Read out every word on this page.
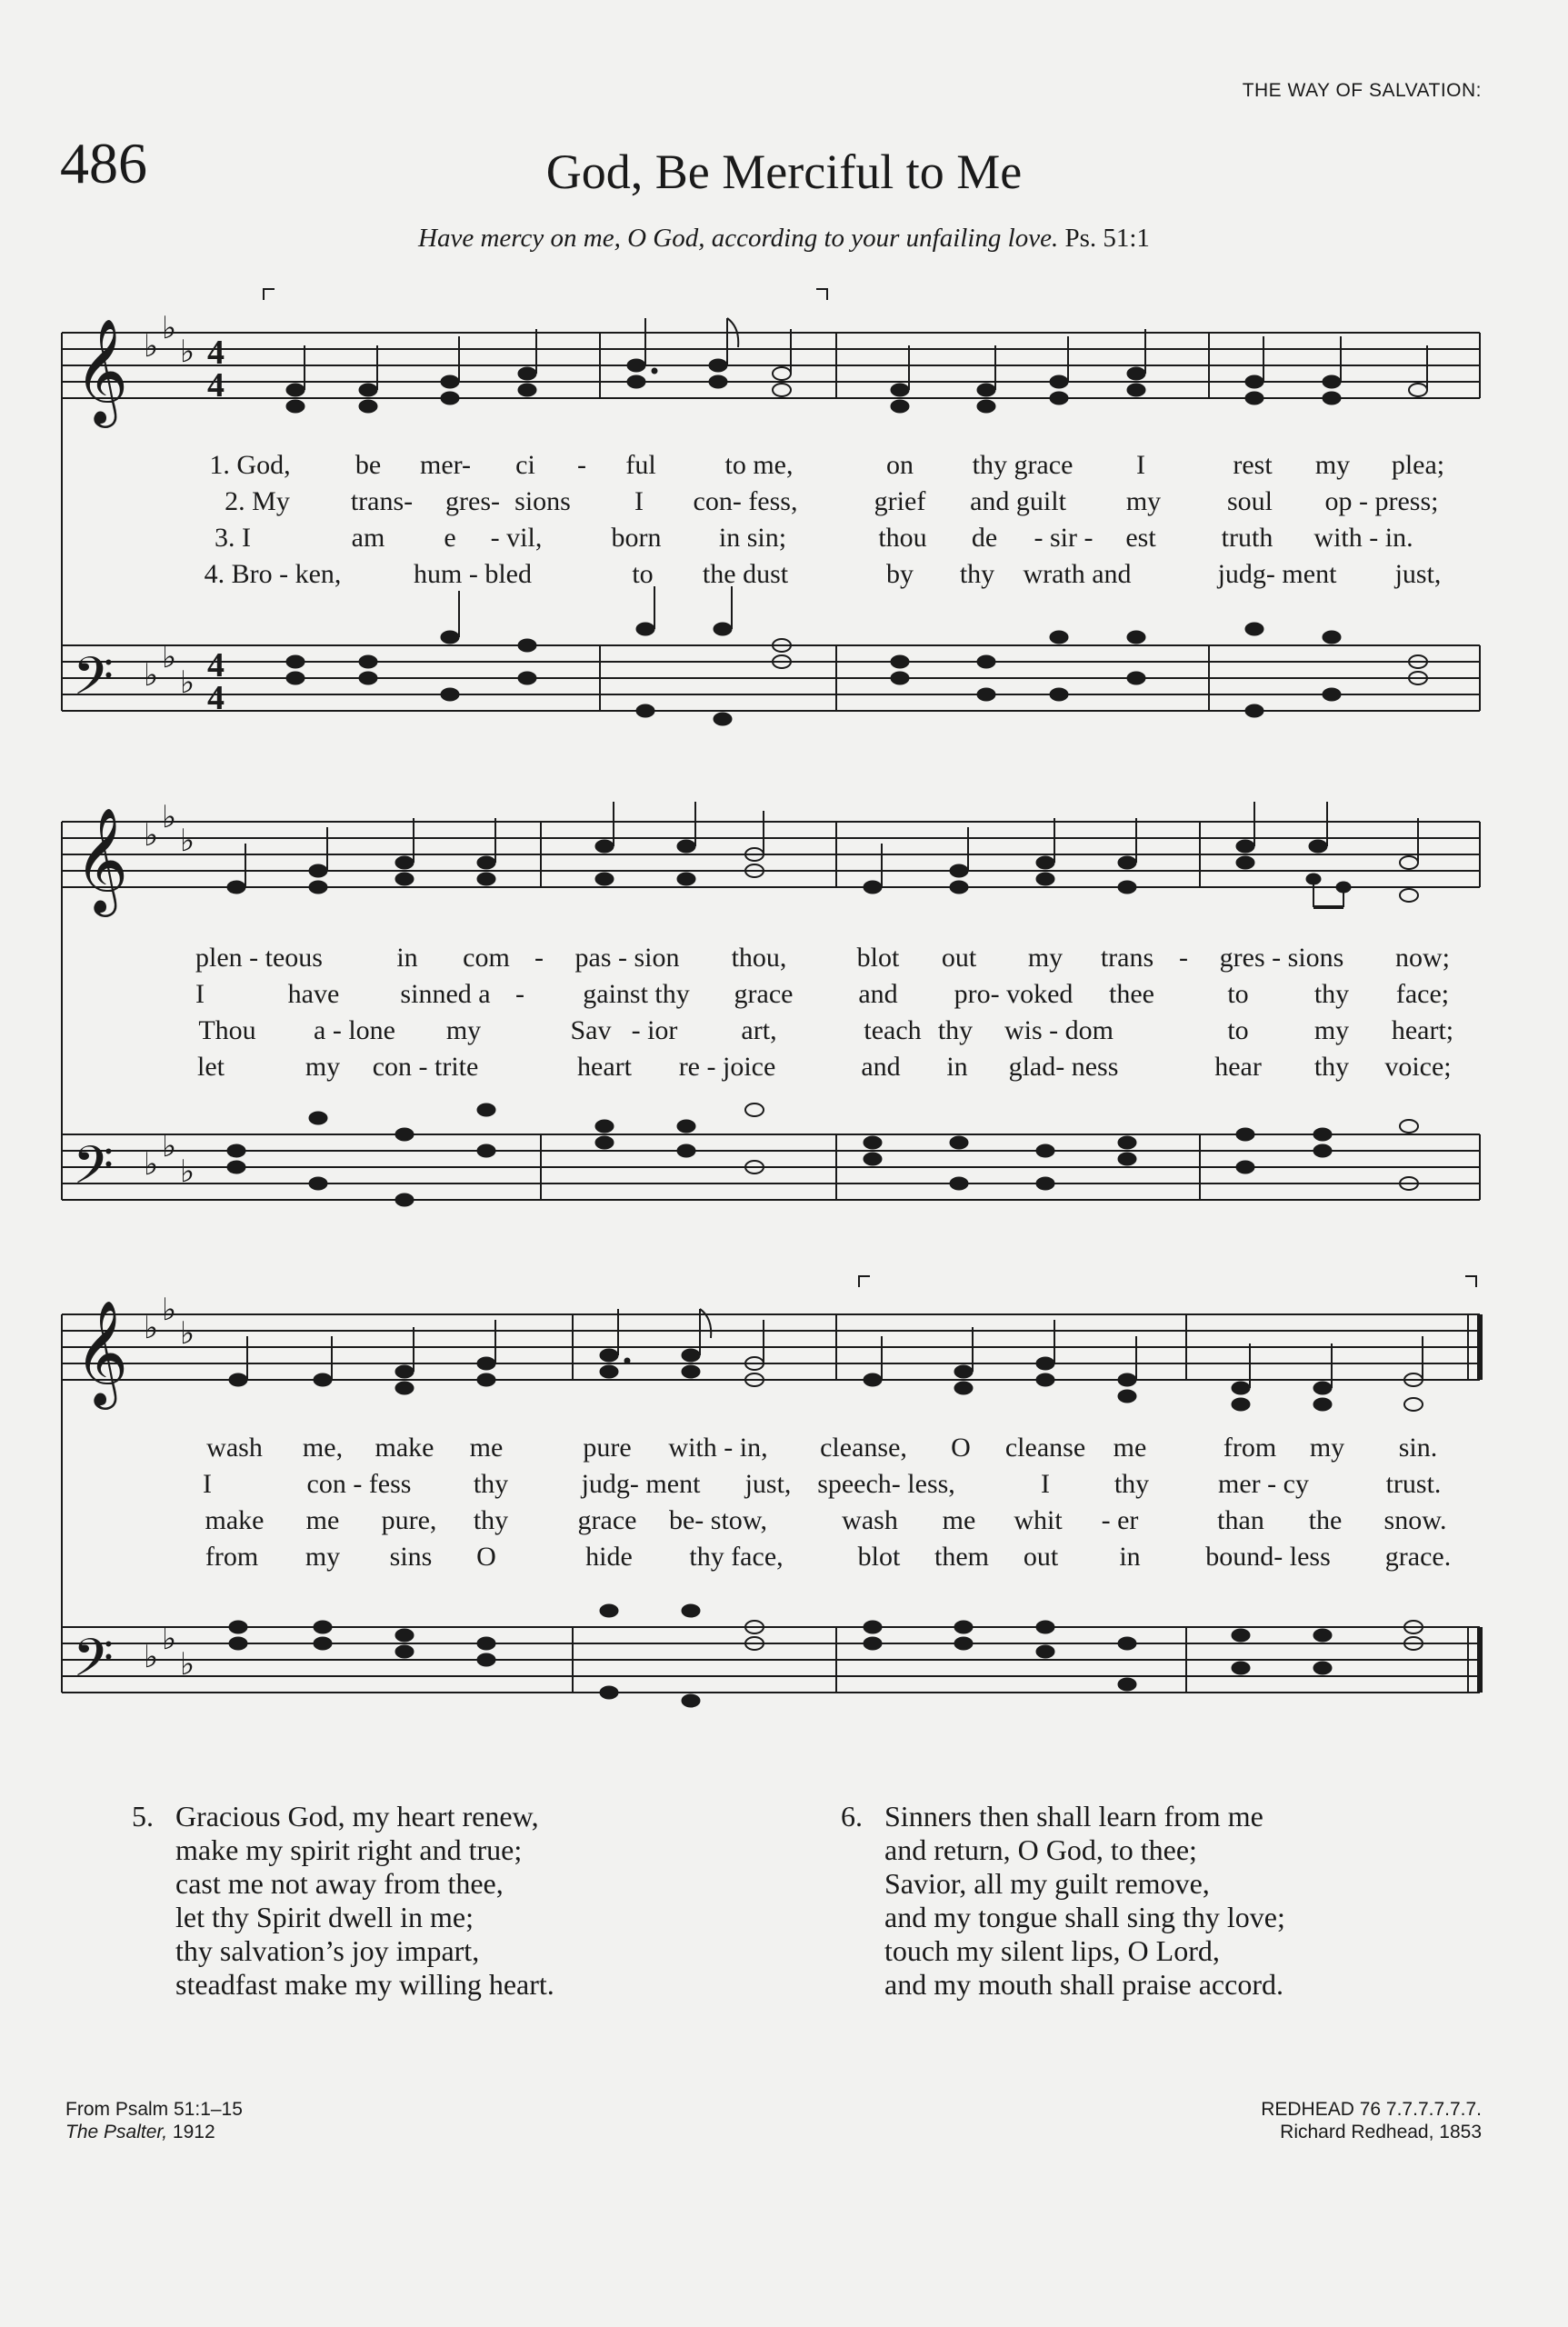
THE WAY OF SALVATION:
486	God, Be Merciful to Me
Have mercy on me, O God, according to your unfailing love. Ps. 51:1
𝄞
𝄢
♭ ♭
♭
♭ ♭
♭
4
4
4
4
𝄞
𝄢
♭ ♭
♭
♭ ♭
♭
𝄞
𝄢
♭ ♭
♭
♭ ♭
♭
1. God, be mer- ci - ful	to me,	on thy grace I	rest my plea;
2. My trans- gres- sions I con- fess,	grief and guilt my soul op - press;
3. I	am e - vil,	born in sin;	thou de - sir - est truth with - in.
4. Bro - ken,	hum - bled	to the dust	by thy wrath and	judg- ment just,
plen - teous	in com - pas - sion thou,	blot out my trans - gres - sions now;
I	have sinned a - gainst thy grace and pro- voked thee	to thy face;
Thou a - lone my	Sav - ior art,	teach thy wis - dom	to my heart;
let	my con - trite	heart re - joice	and in glad- ness	hear thy voice;
wash me, make me	pure with - in, cleanse, O cleanse me	from my sin.
I	con - fess thy	judg- ment just, speech- less,	I thy	mer - cy	trust.
make me pure, thy	grace be- stow,	wash me whit - er	than the snow.
from my sins O	hide thy face,	blot them out in bound- less grace.
5. Gracious God, my heart renew,
make my spirit right and true;
cast me not away from thee,
let thy Spirit dwell in me;
thy salvation’s joy impart,
steadfast make my willing heart.
6. Sinners then shall learn from me
and return, O God, to thee;
Savior, all my guilt remove,
and my tongue shall sing thy love;
touch my silent lips, O Lord,
and my mouth shall praise accord.
From Psalm 51:1–15
The Psalter, 1912
REDHEAD 76 7.7.7.7.7.7.
Richard Redhead, 1853
